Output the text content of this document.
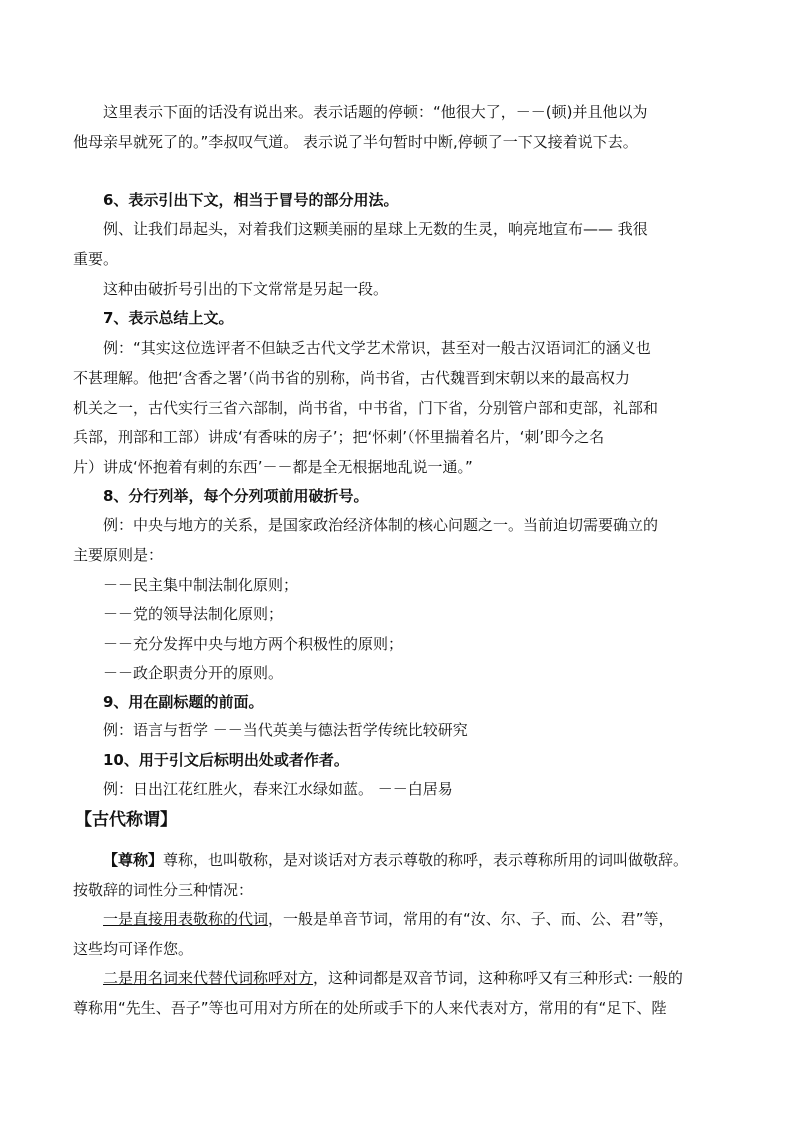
这里表示下面的话没有说出来。表示话题的停顿：“他很大了，－－(顿)并且他以为
他母亲早就死了的。”李叔叹气道。 表示说了半句暂时中断,停顿了一下又接着说下去。
6、表示引出下文，相当于冒号的部分用法。
例、让我们昂起头，对着我们这颗美丽的星球上无数的生灵，响亮地宣布—— 我很
重要。
这种由破折号引出的下文常常是另起一段。
7、表示总结上文。
例：“其实这位选评者不但缺乏古代文学艺术常识，甚至对一般古汉语词汇的涵义也
不甚理解。他把‘含香之署’（尚书省的别称，尚书省，古代魏晋到宋朝以来的最高权力
机关之一，古代实行三省六部制，尚书省，中书省，门下省，分别管户部和吏部，礼部和
兵部，刑部和工部）讲成‘有香味的房子’；把‘怀刺’（怀里揣着名片，‘刺’即今之名
片）讲成‘怀抱着有刺的东西’－－都是全无根据地乱说一通。”
8、分行列举，每个分列项前用破折号。
例：中央与地方的关系，是国家政治经济体制的核心问题之一。当前迫切需要确立的
主要原则是：
－－民主集中制法制化原则；
－－党的领导法制化原则；
－－充分发挥中央与地方两个积极性的原则；
－－政企职责分开的原则。
9、用在副标题的前面。
例：语言与哲学 －－当代英美与德法哲学传统比较研究
10、用于引文后标明出处或者作者。
例：日出江花红胜火，春来江水绿如蓝。 －－白居易
【古代称谓】
【尊称】尊称，也叫敬称，是对谈话对方表示尊敬的称呼，表示尊称所用的词叫做敬辞。
按敬辞的词性分三种情况：
一是直接用表敬称的代词，一般是单音节词，常用的有“汝、尔、子、而、公、君”等，
这些均可译作您。
二是用名词来代替代词称呼对方，这种词都是双音节词，这种称呼又有三种形式: 一般的
尊称用“先生、吾子”等也可用对方所在的处所或手下的人来代表对方，常用的有“足下、陛
